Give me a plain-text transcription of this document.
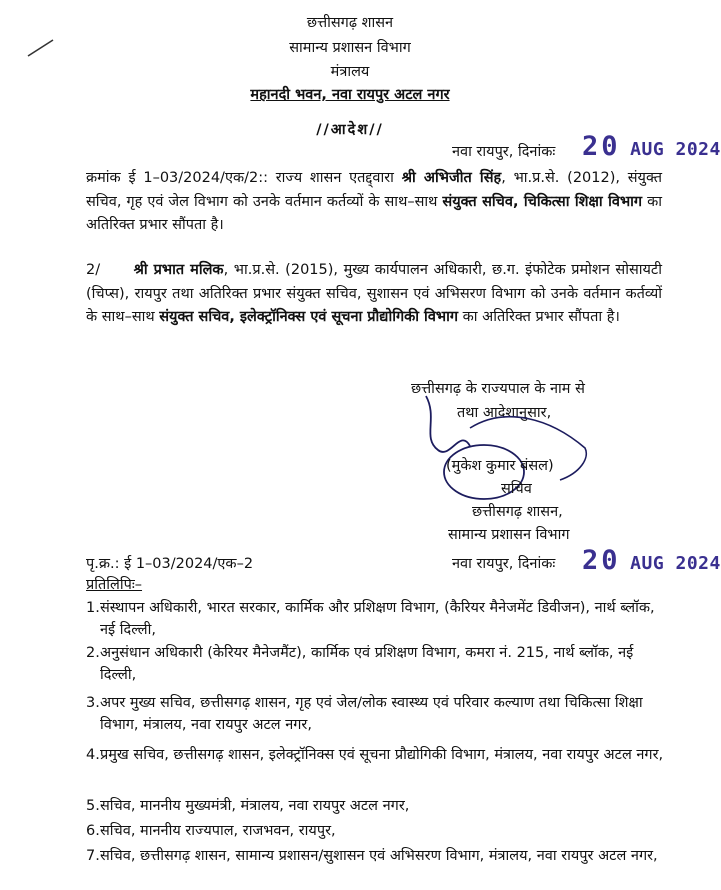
छत्तीसगढ़ शासन
सामान्य प्रशासन विभाग
मंत्रालय
महानदी भवन, नवा रायपुर अटल नगर
//आदेश//
नवा रायपुर, दिनांकः 20 AUG 2024
क्रमांक ई 1–03/2024/एक/2:: राज्य शासन एतद्द्वारा श्री अभिजीत सिंह, भा.प्र.से. (2012), संयुक्त सचिव, गृह एवं जेल विभाग को उनके वर्तमान कर्तव्यों के साथ–साथ संयुक्त सचिव, चिकित्सा शिक्षा विभाग का अतिरिक्त प्रभार सौंपता है।
2/ श्री प्रभात मलिक, भा.प्र.से. (2015), मुख्य कार्यपालन अधिकारी, छ.ग. इंफोटेक प्रमोशन सोसायटी (चिप्स), रायपुर तथा अतिरिक्त प्रभार संयुक्त सचिव, सुशासन एवं अभिसरण विभाग को उनके वर्तमान कर्तव्यों के साथ–साथ संयुक्त सचिव, इलेक्ट्रॉनिक्स एवं सूचना प्रौद्योगिकी विभाग का अतिरिक्त प्रभार सौंपता है।
छत्तीसगढ़ के राज्यपाल के नाम से
तथा आदेशानुसार,
(मुकेश कुमार बंसल)
सचिव
छत्तीसगढ़ शासन,
सामान्य प्रशासन विभाग
पृ.क्र.: ई 1–03/2024/एक–2	नवा रायपुर, दिनांकः 20 AUG 2024
प्रतिलिपिः–
1. संस्थापन अधिकारी, भारत सरकार, कार्मिक और प्रशिक्षण विभाग, (कैरियर मैनेजमेंट डिवीजन), नार्थ ब्लॉक, नई दिल्ली,
2. अनुसंधान अधिकारी (केरियर मैनेजमैंट), कार्मिक एवं प्रशिक्षण विभाग, कमरा नं. 215, नार्थ ब्लॉक, नई दिल्ली,
3. अपर मुख्य सचिव, छत्तीसगढ़ शासन, गृह एवं जेल/लोक स्वास्थ्य एवं परिवार कल्याण तथा चिकित्सा शिक्षा विभाग, मंत्रालय, नवा रायपुर अटल नगर,
4. प्रमुख सचिव, छत्तीसगढ़ शासन, इलेक्ट्रॉनिक्स एवं सूचना प्रौद्योगिकी विभाग, मंत्रालय, नवा रायपुर अटल नगर,
5. सचिव, माननीय मुख्यमंत्री, मंत्रालय, नवा रायपुर अटल नगर,
6. सचिव, माननीय राज्यपाल, राजभवन, रायपुर,
7. सचिव, छत्तीसगढ़ शासन, सामान्य प्रशासन/सुशासन एवं अभिसरण विभाग, मंत्रालय, नवा रायपुर अटल नगर,
